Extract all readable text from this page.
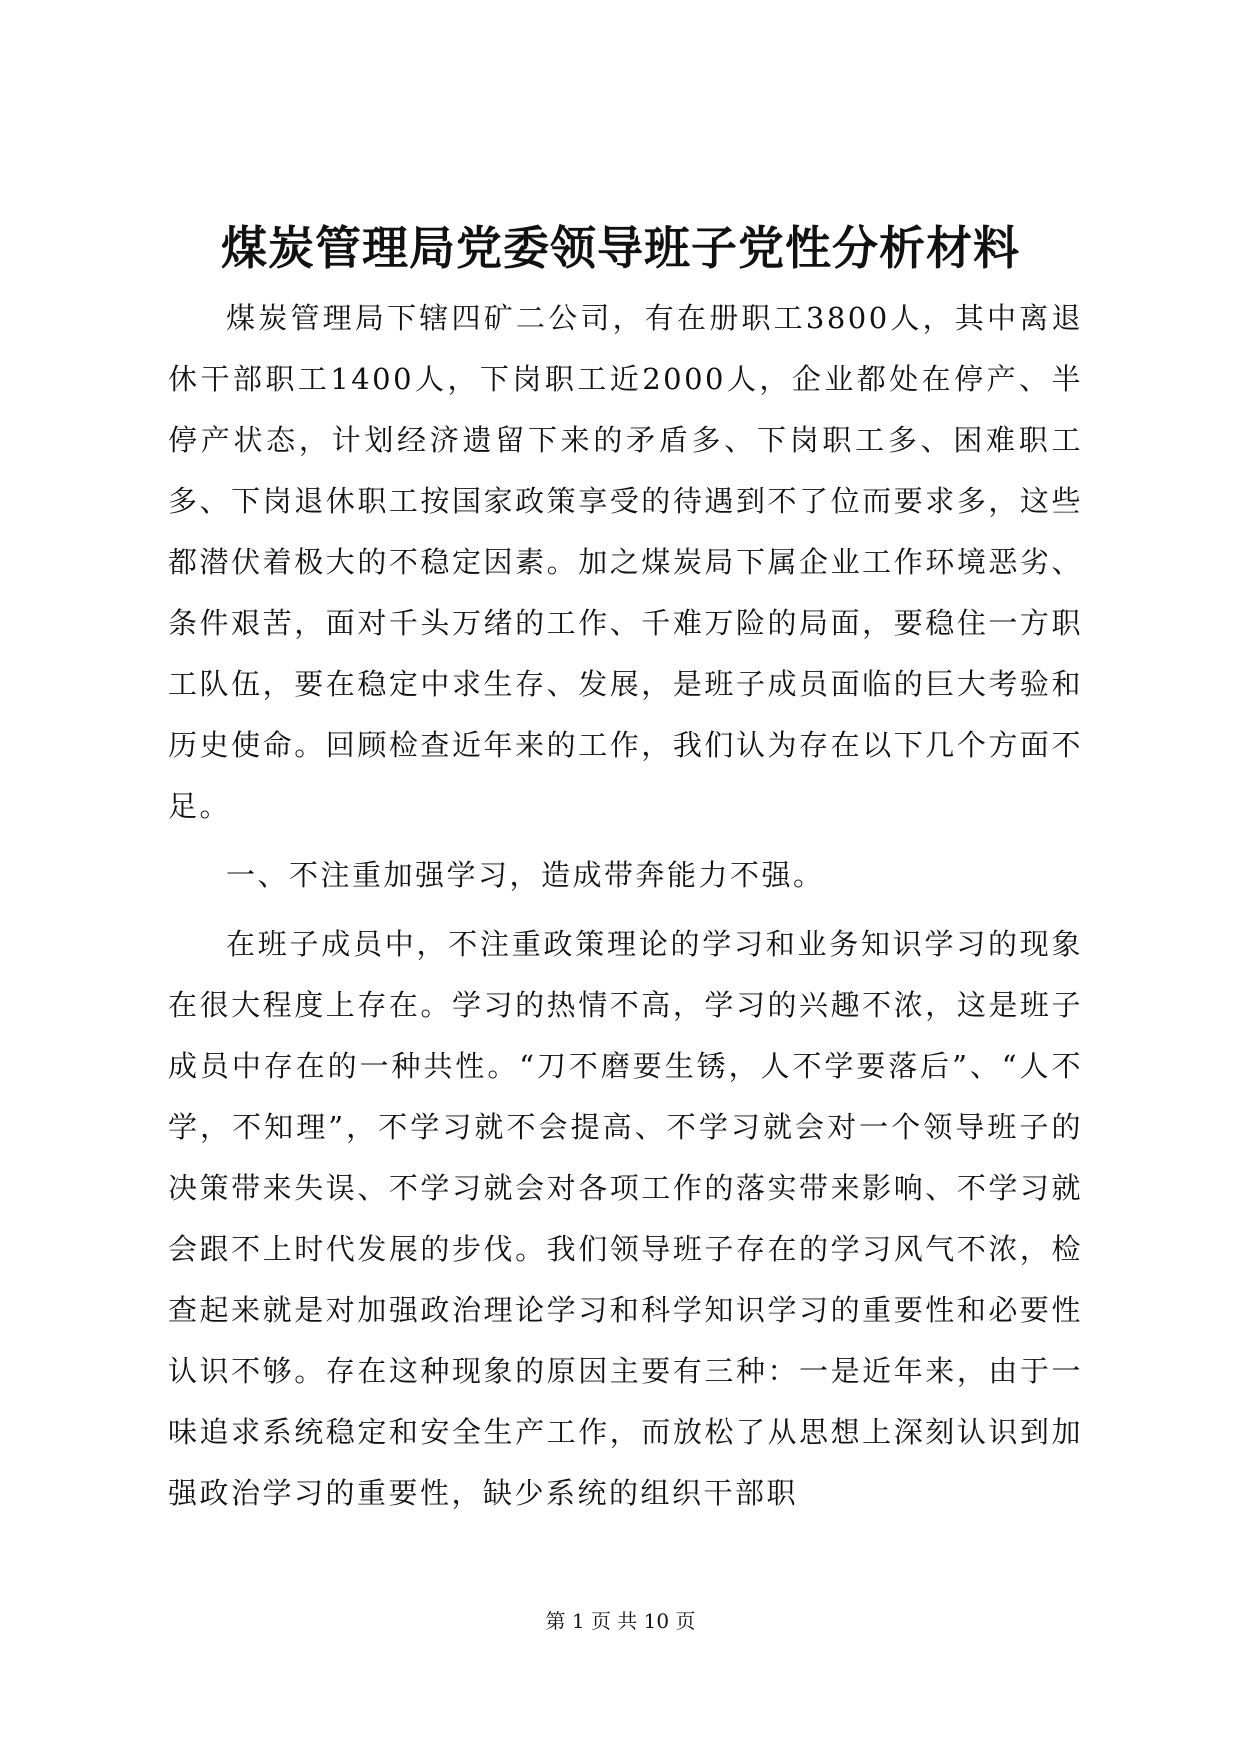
煤炭管理局党委领导班子党性分析材料

煤炭管理局下辖四矿二公司，有在册职工3800人，其中离退休干部职工1400人，下岗职工近2000人，企业都处在停产、半停产状态，计划经济遗留下来的矛盾多、下岗职工多、困难职工多、下岗退休职工按国家政策享受的待遇到不了位而要求多，这些都潜伏着极大的不稳定因素。加之煤炭局下属企业工作环境恶劣、条件艰苦，面对千头万绪的工作、千难万险的局面，要稳住一方职工队伍，要在稳定中求生存、发展，是班子成员面临的巨大考验和历史使命。回顾检查近年来的工作，我们认为存在以下几个方面不足。

一、不注重加强学习，造成带奔能力不强。

在班子成员中，不注重政策理论的学习和业务知识学习的现象在很大程度上存在。学习的热情不高，学习的兴趣不浓，这是班子成员中存在的一种共性。“刀不磨要生锈，人不学要落后”、“人不学，不知理”，不学习就不会提高、不学习就会对一个领导班子的决策带来失误、不学习就会对各项工作的落实带来影响、不学习就会跟不上时代发展的步伐。我们领导班子存在的学习风气不浓，检查起来就是对加强政治理论学习和科学知识学习的重要性和必要性认识不够。存在这种现象的原因主要有三种：一是近年来，由于一味追求系统稳定和安全生产工作，而放松了从思想上深刻认识到加强政治学习的重要性，缺少系统的组织干部职

第 1 页 共 10 页
